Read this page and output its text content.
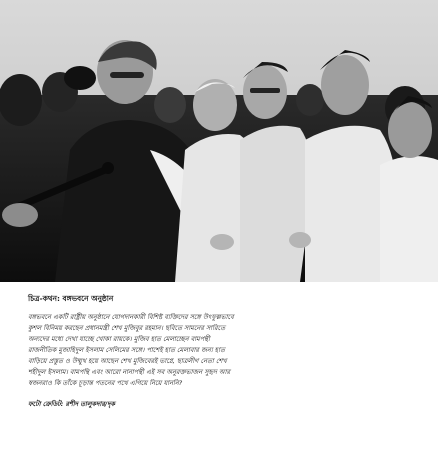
চিত্র-কথন: বঙ্গভবনে অনুষ্ঠান

বঙ্গভবনে একটি রাষ্ট্রীয় অনুষ্ঠানে যোগদানকারী বিশিষ্ট ব্যক্তিদের সঙ্গে উৎফুল্লভাবে
কুশল বিনিময় করছেন প্রধানমন্ত্রী শেখ মুজিবুর রহমান। ছবিতে সামনের সারিতে
অন্যদের মধ্যে দেখা যাচ্ছে খোকা রায়কে। মুজিব হাত মেলাচ্ছেন বামপন্থী
রাজনীতিক মুজাহিদুল ইসলাম সেলিমের সঙ্গে। পাশেই হাত মেলাবার জন্য হাত
বাড়িয়ে প্রস্তুত ও উন্মুখ হয়ে আছেন শেখ মুজিবেরই ভাগ্নে, ছাত্রলীগ নেতা শেখ
শহীদুল ইসলাম। বামপন্থি এবং আরো নানাপন্থী এই সব অনুরক্তভাজন সুহৃদ আর
স্বজনরাও কি তাঁকে চূড়ান্ত পতনের পথে এগিয়ে নিয়ে যাননি?

ফটো ক্রেডিট: রশীদ তালুকদার/দৃক
